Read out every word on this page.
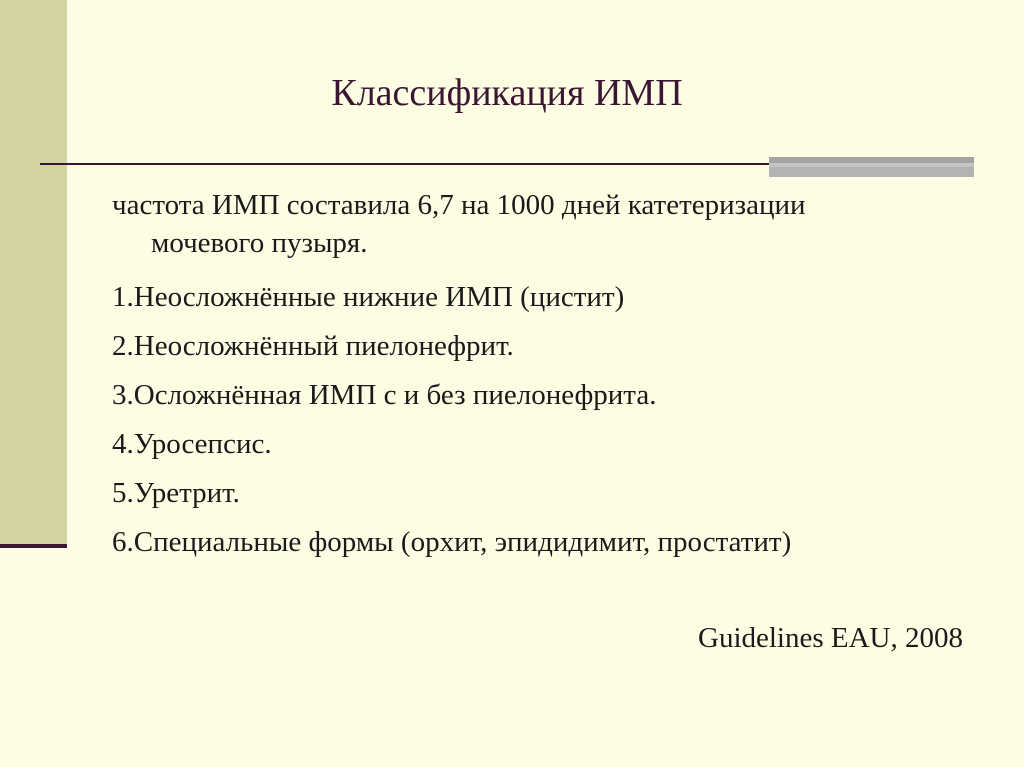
Классификация ИМП

частота ИМП составила 6,7 на 1000 дней катетеризации
мочевого пузыря.

1.Неосложнённые нижние ИМП (цистит)
2.Неосложнённый пиелонефрит.
3.Осложнённая ИМП с и без пиелонефрита.
4.Уросепсис.
5.Уретрит.
6.Специальные формы (орхит, эпидидимит, простатит)
Guidelines EAU, 2008
